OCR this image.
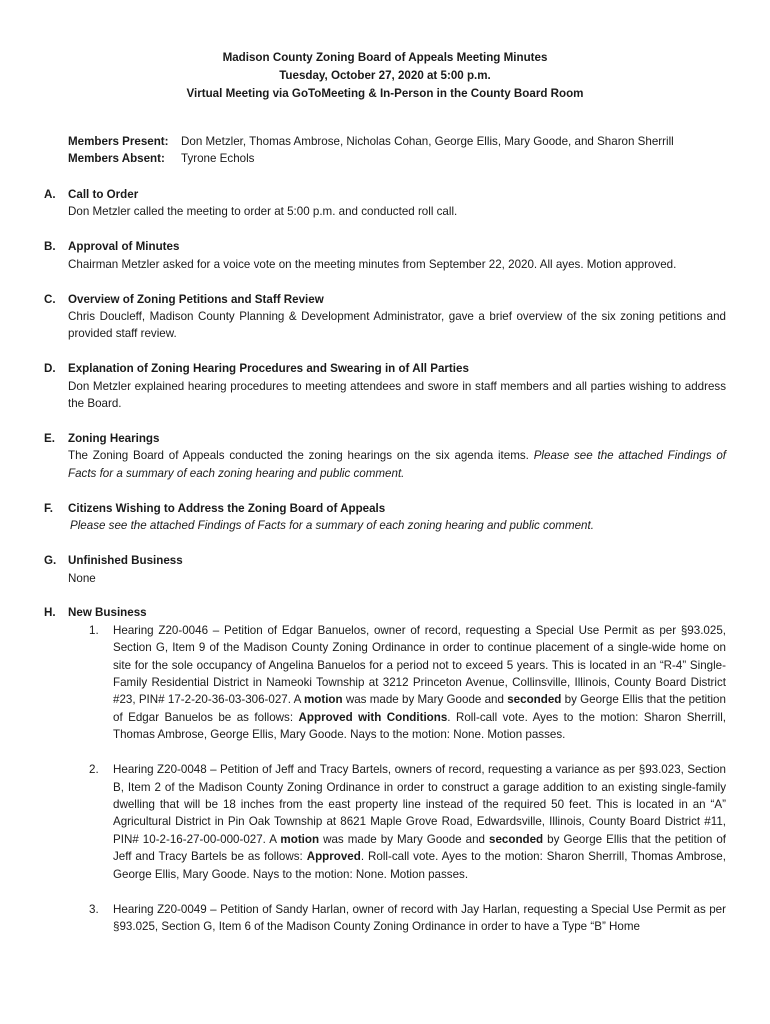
Madison County Zoning Board of Appeals Meeting Minutes
Tuesday, October 27, 2020 at 5:00 p.m.
Virtual Meeting via GoToMeeting & In-Person in the County Board Room
Members Present:	Don Metzler, Thomas Ambrose, Nicholas Cohan, George Ellis, Mary Goode, and Sharon Sherrill
Members Absent:	Tyrone Echols
A. Call to Order
Don Metzler called the meeting to order at 5:00 p.m. and conducted roll call.
B. Approval of Minutes
Chairman Metzler asked for a voice vote on the meeting minutes from September 22, 2020. All ayes. Motion approved.
C. Overview of Zoning Petitions and Staff Review
Chris Doucleff, Madison County Planning & Development Administrator, gave a brief overview of the six zoning petitions and provided staff review.
D. Explanation of Zoning Hearing Procedures and Swearing in of All Parties
Don Metzler explained hearing procedures to meeting attendees and swore in staff members and all parties wishing to address the Board.
E. Zoning Hearings
The Zoning Board of Appeals conducted the zoning hearings on the six agenda items. Please see the attached Findings of Facts for a summary of each zoning hearing and public comment.
F. Citizens Wishing to Address the Zoning Board of Appeals
Please see the attached Findings of Facts for a summary of each zoning hearing and public comment.
G. Unfinished Business
None
H. New Business
1. Hearing Z20-0046 – Petition of Edgar Banuelos, owner of record, requesting a Special Use Permit as per §93.025, Section G, Item 9 of the Madison County Zoning Ordinance in order to continue placement of a single-wide home on site for the sole occupancy of Angelina Banuelos for a period not to exceed 5 years. This is located in an “R-4” Single-Family Residential District in Nameoki Township at 3212 Princeton Avenue, Collinsville, Illinois, County Board District #23, PIN# 17-2-20-36-03-306-027. A motion was made by Mary Goode and seconded by George Ellis that the petition of Edgar Banuelos be as follows: Approved with Conditions. Roll-call vote. Ayes to the motion: Sharon Sherrill, Thomas Ambrose, George Ellis, Mary Goode. Nays to the motion: None. Motion passes.
2. Hearing Z20-0048 – Petition of Jeff and Tracy Bartels, owners of record, requesting a variance as per §93.023, Section B, Item 2 of the Madison County Zoning Ordinance in order to construct a garage addition to an existing single-family dwelling that will be 18 inches from the east property line instead of the required 50 feet. This is located in an “A” Agricultural District in Pin Oak Township at 8621 Maple Grove Road, Edwardsville, Illinois, County Board District #11, PIN# 10-2-16-27-00-000-027. A motion was made by Mary Goode and seconded by George Ellis that the petition of Jeff and Tracy Bartels be as follows: Approved. Roll-call vote. Ayes to the motion: Sharon Sherrill, Thomas Ambrose, George Ellis, Mary Goode. Nays to the motion: None. Motion passes.
3. Hearing Z20-0049 – Petition of Sandy Harlan, owner of record with Jay Harlan, requesting a Special Use Permit as per §93.025, Section G, Item 6 of the Madison County Zoning Ordinance in order to have a Type “B” Home
